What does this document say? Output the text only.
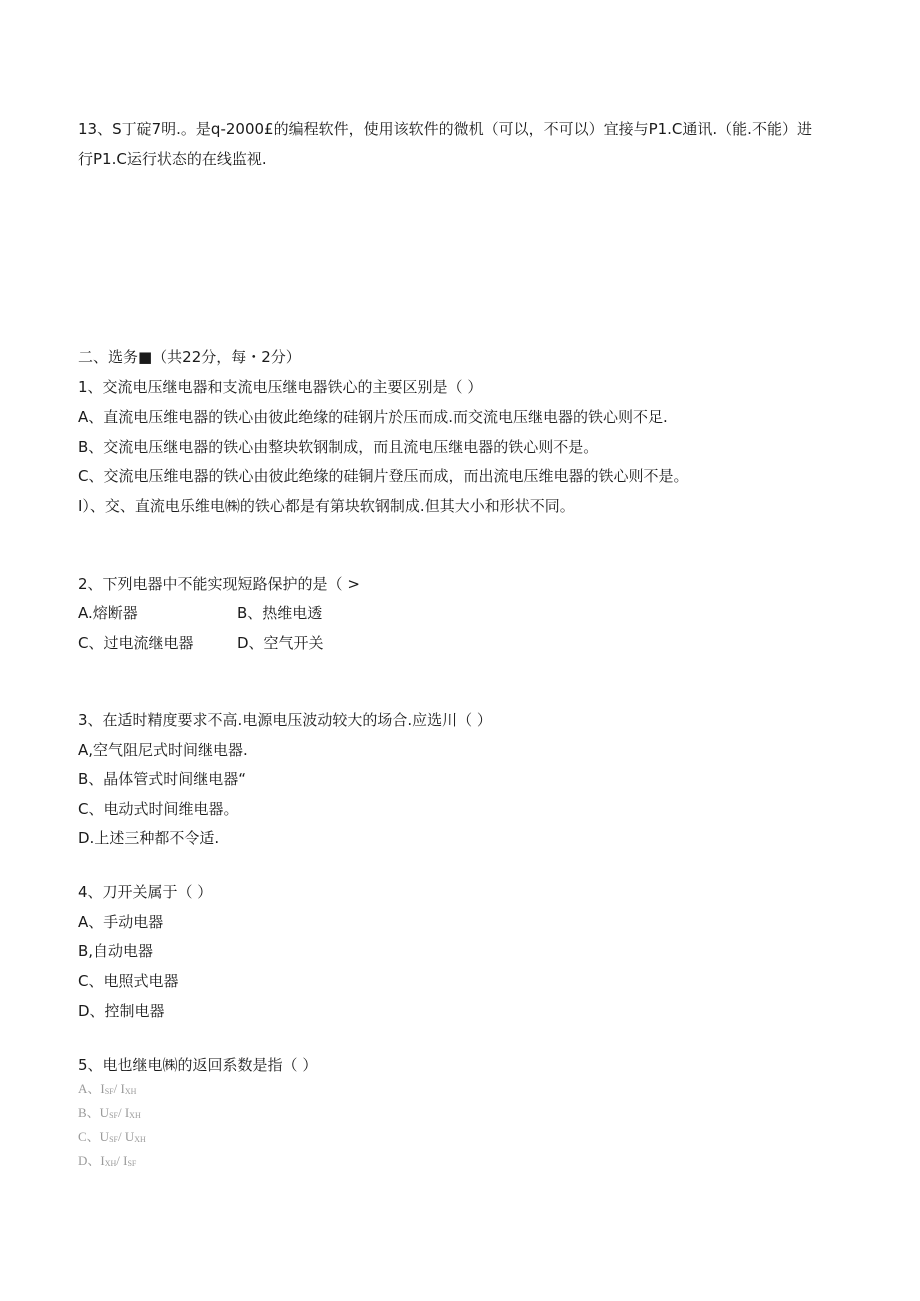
13、S丁碇7明.。是q-2000£的编程软件，使用该软件的微机（可以，不可以）宜接与P1.C通讯.（能.不能）进
行P1.C运行状态的在线监视.
二、选务■（共22分，每・2分）
1、交流电压继电器和支流电压继电器铁心的主要区别是（ ）
A、直流电压维电器的铁心由彼此绝缘的硅钢片於压而成.而交流电压继电器的铁心则不足.
B、交流电压继电器的铁心由整块软钢制成，而且流电压继电器的铁心则不是。
C、交流电压维电器的铁心由彼此绝缘的硅铜片登压而成，而出流电压维电器的铁心则不是。
I）、交、直流电乐维电㈱的铁心都是有第块软钢制成.但其大小和形状不同。
2、下列电器中不能实现短路保护的是（ >
A.熔断器	B、热维电透
C、过电流继电器	D、空气开关
3、在适时精度要求不高.电源电压波动较大的场合.应选川（ ）
A,空气阻尼式时间继电器.
B、晶体管式时间继电器“
C、电动式时间维电器。
D.上述三种都不令适.
4、刀开关属于（ ）
A、手动电器
B,自动电器
C、电照式电器
D、控制电器
5、电也继电㈱的返回系数是指（ ）
A、$I_{SF}/$ $I_{XH}$
B、$U_{SF}/$ $I_{XH}$
C、$U_{SF}/$ $U_{XH}$
D、$I_{XH}/$ $I_{SF}$
